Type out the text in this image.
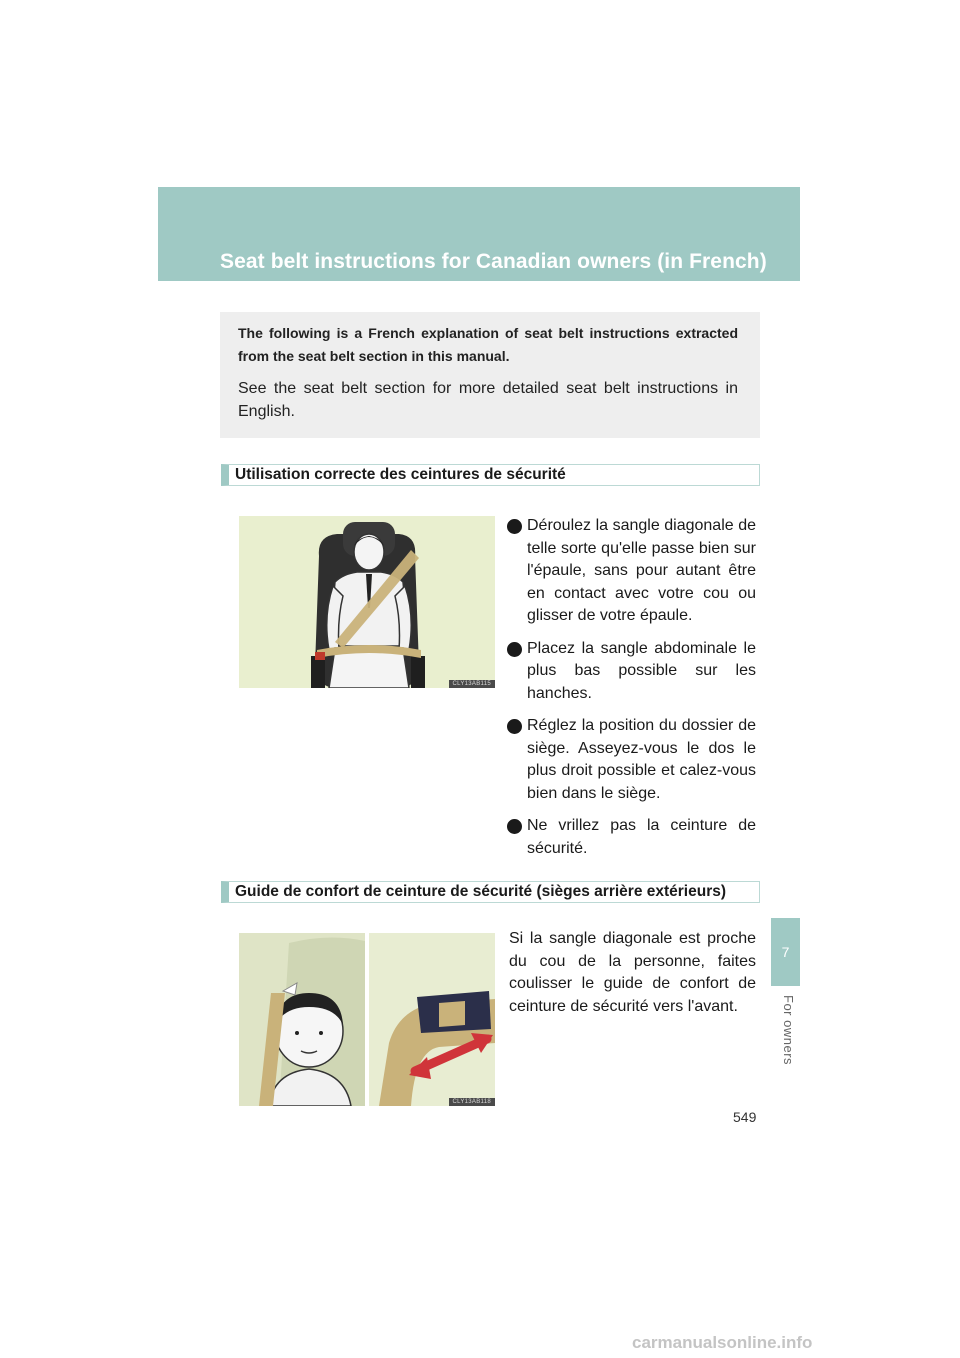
Seat belt instructions for Canadian owners (in French)

The following is a French explanation of seat belt instructions extracted from the seat belt section in this manual.

See the seat belt section for more detailed seat belt instructions in English.

Utilisation correcte des ceintures de sécurité
CLY13AB115
Déroulez la sangle diagonale de telle sorte qu'elle passe bien sur l'épaule, sans pour autant être en contact avec votre cou ou glisser de votre épaule.
Placez la sangle abdominale le plus bas possible sur les hanches.
Réglez la position du dossier de siège. Asseyez-vous le dos le plus droit possible et calez-vous bien dans le siège.
Ne vrillez pas la ceinture de sécurité.
Guide de confort de ceinture de sécurité (sièges arrière extérieurs)
CLY13AB118

Si la sangle diagonale est proche du cou de la personne, faites coulisser le guide de confort de ceinture de sécurité vers l'avant.

7
For owners
549
carmanualsonline.info
